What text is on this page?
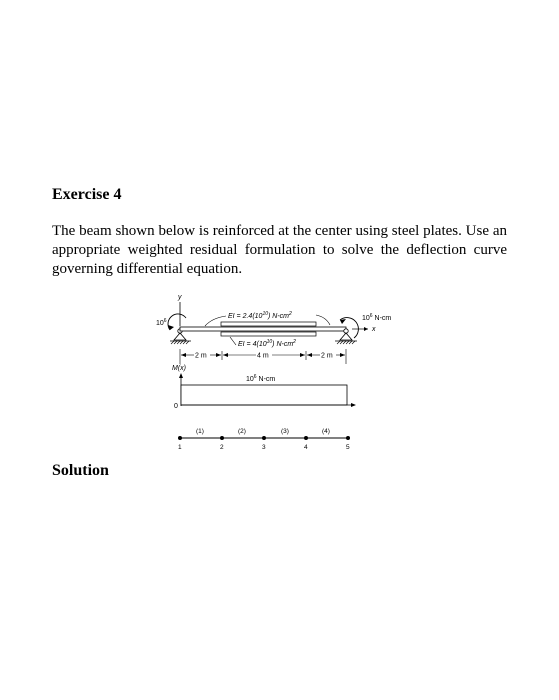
Exercise 4
The beam shown below is reinforced at the center using steel plates. Use an appropriate weighted residual formulation to solve the deflection curve governing differential equation.
Solution
y
$10^6$
EI = $2.4(10^{10})$ $N-cm^2$
EI = $4(10^{10})$ $N-cm^2$
$10^6$ N-cm
x
2 m	4 m	2 m
M(x)
0
$10^6$ N-cm
(1)	(2)	(3)	(4)
1	2	3	4	5
